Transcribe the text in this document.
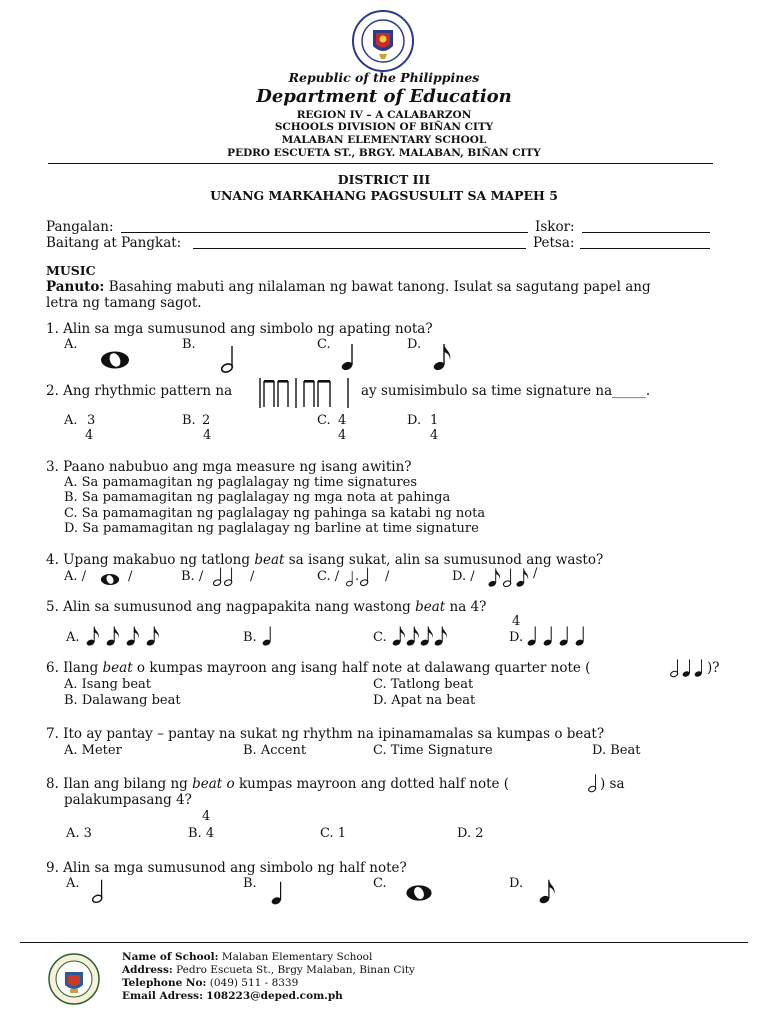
Republic of the Philippines
Department of Education
REGION IV – A CALABARZON
SCHOOLS DIVISION OF BIÑAN CITY
MALABAN ELEMENTARY SCHOOL
PEDRO ESCUETA ST., BRGY. MALABAN, BIÑAN CITY
DISTRICT III
UNANG MARKAHANG PAGSUSULIT SA MAPEH 5
Pangalan:	Iskor:
Baitang at Pangkat:	Petsa:
MUSIC
Panuto: Basahing mabuti ang nilalaman ng bawat tanong. Isulat sa sagutang papel ang
letra ng tamang sagot.
1. Alin sa mga sumusunod ang simbolo ng apating nota?
A.	B.	C.	D.
2. Ang rhythmic pattern na	ay sumisimbulo sa time signature na_____.
A. 3
4
B. 2
4
C. 4
4
D. 1
4
3. Paano nabubuo ang mga measure ng isang awitin?
A. Sa pamamagitan ng paglalagay ng time signatures
B. Sa pamamagitan ng paglalagay ng mga nota at pahinga
C. Sa pamamagitan ng paglalagay ng pahinga sa katabi ng nota
D. Sa pamamagitan ng paglalagay ng barline at time signature
4. Upang makabuo ng tatlong beat sa isang sukat, alin sa sumusunod ang wasto?
A. /	/	B. /	/	C. / . /	D. /	/
5. Alin sa sumusunod ang nagpapakita nang wastong beat na 4?
4
A.	B.	C.	D.
6. Ilang beat o kumpas mayroon ang isang half note at dalawang quarter note (	)?
A. Isang beat	C. Tatlong beat
B. Dalawang beat	D. Apat na beat
7. Ito ay pantay – pantay na sukat ng rhythm na ipinamamalas sa kumpas o beat?
A. Meter	B. Accent	C. Time Signature	D. Beat
8. Ilan ang bilang ng beat o kumpas mayroon ang dotted half note (	) sa
palakumpasang 4?
4
A. 3	B. 4	C. 1	D. 2
9. Alin sa mga sumusunod ang simbolo ng half note?
A.	B.	C.	D.
Name of School: Malaban Elementary School
Address: Pedro Escueta St., Brgy Malaban, Binan City
Telephone No: (049) 511 - 8339
Email Adress: 108223@deped.com.ph
